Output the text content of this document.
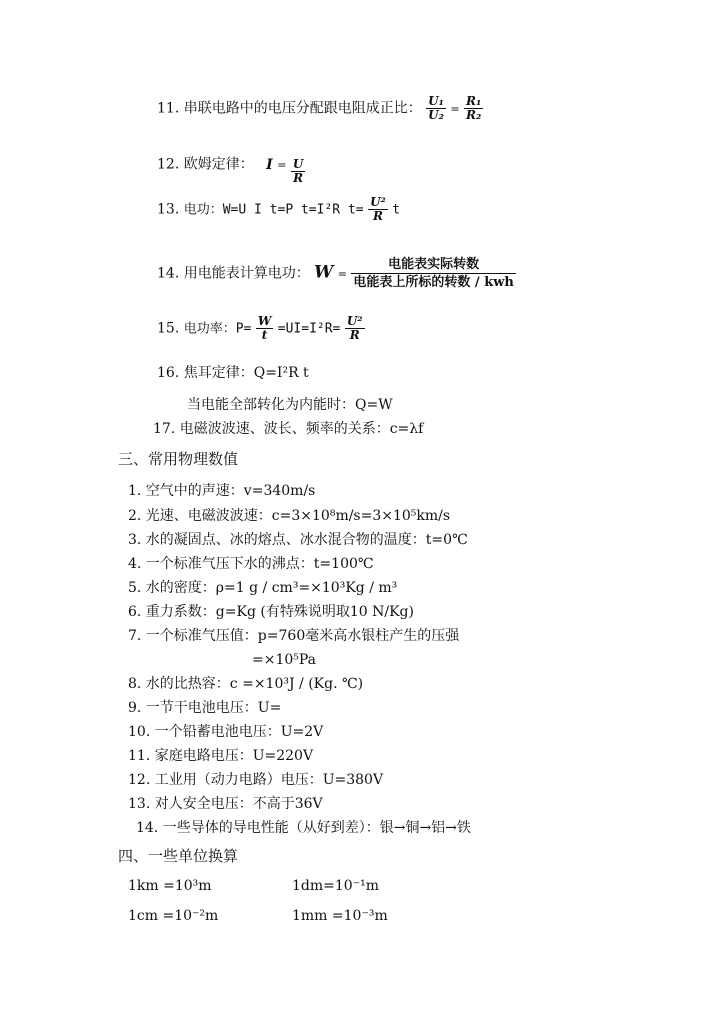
11. 串联电路中的电压分配跟电阻成正比： $\frac{\text{U₁}}{\text{U₂}} = \frac{\text{R₁}}{\text{R₂}}$
12. 欧姆定律： $I = \frac{U}{R}$
13. 电功：W=U I t=P t=I²R $t= \frac{\text{U²}}{R}$ t
14. 用电能表计算电功： W =
电能表实际转数
电能表上所标的转数 / kwh
15. 电功率：$P= \frac{W}{t} =UI=I^2R= \frac{\text{U²}}{R}$
16. 焦耳定律：Q=I²R t
当电能全部转化为内能时：Q=W
17. 电磁波波速、波长、频率的关系：c=λf
三、常用物理数值
1. 空气中的声速：v=340m/s
2. 光速、电磁波波速：c=3×10⁸m/s=3×10⁵km/s
3. 水的凝固点、冰的熔点、冰水混合物的温度：t=0℃
4. 一个标准气压下水的沸点：t=100℃
5. 水的密度：ρ=1 g / cm³=×10³Kg / m³
6. 重力系数：g=Kg (有特殊说明取10 N/Kg)
7. 一个标准气压值：p=760毫米高水银柱产生的压强
=×10⁵Pa
8. 水的比热容：c =×10³J / (Kg. ℃)
9. 一节干电池电压：U=
10. 一个铅蓄电池电压：U=2V
11. 家庭电路电压：U=220V
12. 工业用（动力电路）电压：U=380V
13. 对人安全电压：不高于36V
14. 一些导体的导电性能（从好到差）：银→铜→铝→铁
四、一些单位换算
1km =10³m	1dm=10⁻¹m
1cm =10⁻²m	1mm =10⁻³m
